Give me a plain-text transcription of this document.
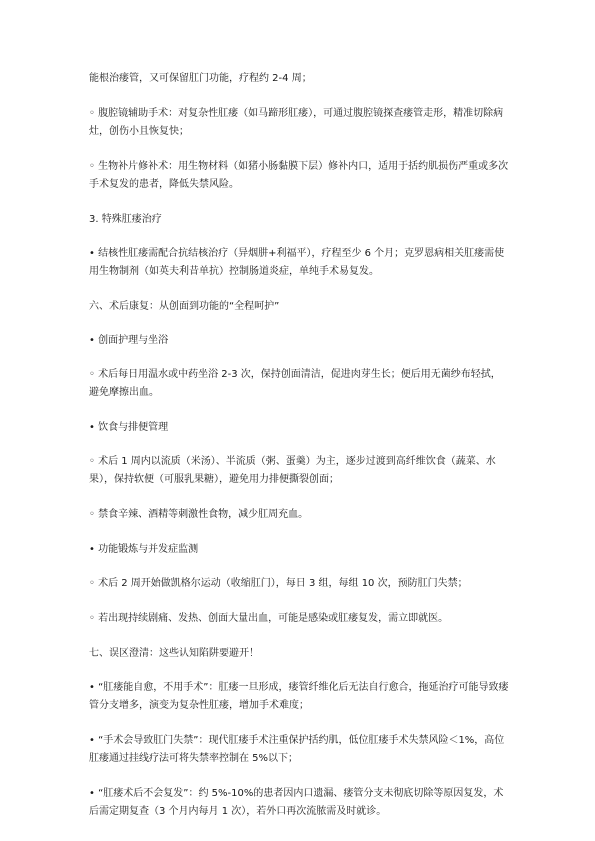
能根治瘘管，又可保留肛门功能，疗程约 2-4 周；

◦ 腹腔镜辅助手术：对复杂性肛瘘（如马蹄形肛瘘），可通过腹腔镜探查瘘管走形，精准切除病灶，创伤小且恢复快；

◦ 生物补片修补术：用生物材料（如猪小肠黏膜下层）修补内口，适用于括约肌损伤严重或多次手术复发的患者，降低失禁风险。

3. 特殊肛瘘治疗

• 结核性肛瘘需配合抗结核治疗（异烟肼+利福平），疗程至少 6 个月；克罗恩病相关肛瘘需使用生物制剂（如英夫利昔单抗）控制肠道炎症，单纯手术易复发。

六、术后康复：从创面到功能的“全程呵护”

• 创面护理与坐浴

◦ 术后每日用温水或中药坐浴 2-3 次，保持创面清洁，促进肉芽生长；便后用无菌纱布轻拭，避免摩擦出血。

• 饮食与排便管理

◦ 术后 1 周内以流质（米汤）、半流质（粥、蛋羹）为主，逐步过渡到高纤维饮食（蔬菜、水果），保持软便（可服乳果糖），避免用力排便撕裂创面；

◦ 禁食辛辣、酒精等刺激性食物，减少肛周充血。

• 功能锻炼与并发症监测

◦ 术后 2 周开始做凯格尔运动（收缩肛门），每日 3 组，每组 10 次，预防肛门失禁；

◦ 若出现持续剧痛、发热、创面大量出血，可能是感染或肛瘘复发，需立即就医。

七、误区澄清：这些认知陷阱要避开！

• “肛瘘能自愈，不用手术”：肛瘘一旦形成，瘘管纤维化后无法自行愈合，拖延治疗可能导致瘘管分支增多，演变为复杂性肛瘘，增加手术难度；

• “手术会导致肛门失禁”：现代肛瘘手术注重保护括约肌，低位肛瘘手术失禁风险＜1%，高位肛瘘通过挂线疗法可将失禁率控制在 5%以下；

• “肛瘘术后不会复发”：约 5%-10%的患者因内口遗漏、瘘管分支未彻底切除等原因复发，术后需定期复查（3 个月内每月 1 次），若外口再次流脓需及时就诊。
